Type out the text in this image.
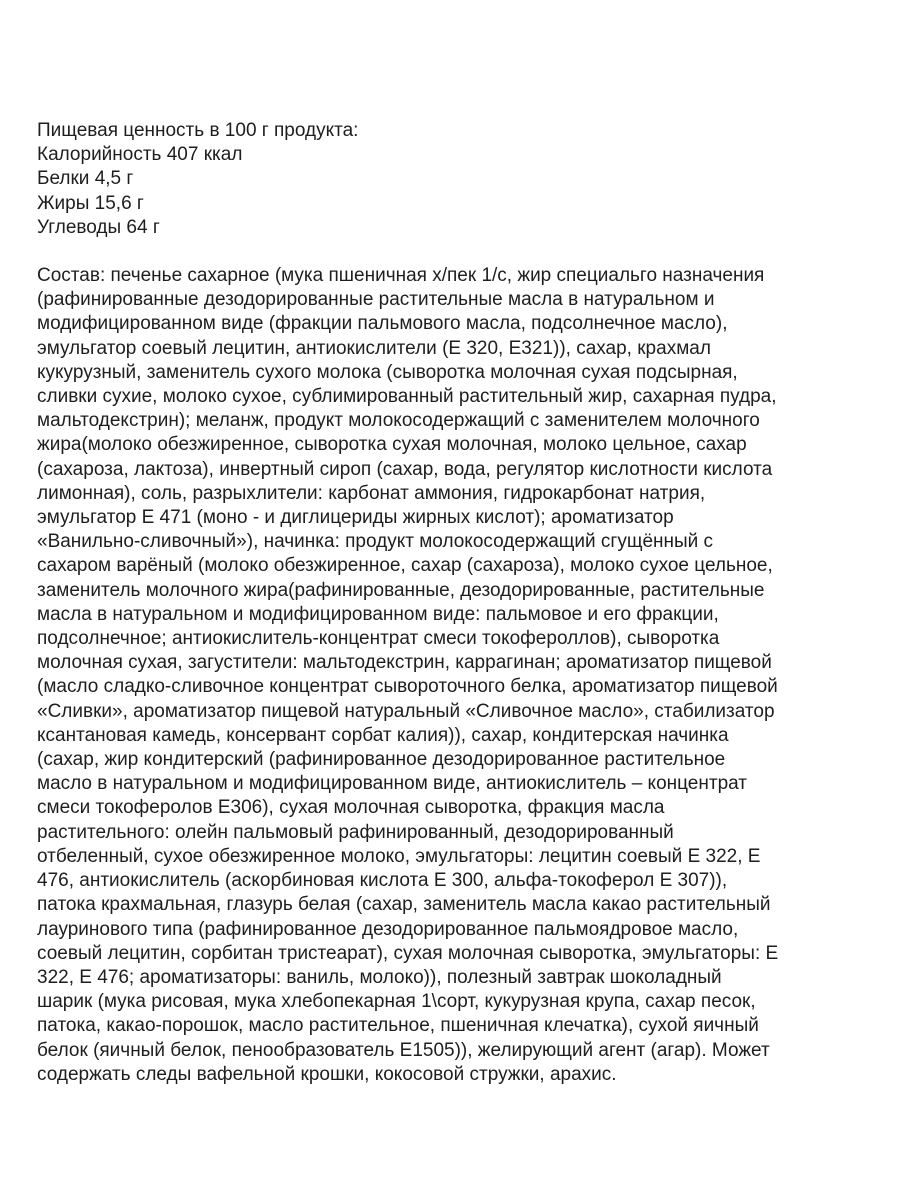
Пищевая ценность в 100 г продукта:
Калорийность 407 ккал
Белки 4,5 г
Жиры 15,6 г
Углеводы 64 г
Состав: печенье сахарное (мука пшеничная х/пек 1/с, жир специальго назначения
(рафинированные дезодорированные растительные масла в натуральном и
модифицированном виде (фракции пальмового масла, подсолнечное масло),
эмульгатор соевый лецитин, антиокислители (Е 320, Е321)), сахар, крахмал
кукурузный, заменитель сухого молока (сыворотка молочная сухая подсырная,
сливки сухие, молоко сухое, сублимированный растительный жир, сахарная пудра,
мальтодекстрин); меланж, продукт молокосодержащий с заменителем молочного
жира(молоко обезжиренное, сыворотка сухая молочная, молоко цельное, сахар
(сахароза, лактоза), инвертный сироп (сахар, вода, регулятор кислотности кислота
лимонная), соль, разрыхлители: карбонат аммония, гидрокарбонат натрия,
эмульгатор Е 471 (моно - и диглицериды жирных кислот); ароматизатор
«Ванильно-сливочный»), начинка: продукт молокосодержащий сгущённый с
сахаром варёный (молоко обезжиренное, сахар (сахароза), молоко сухое цельное,
заменитель молочного жира(рафинированные, дезодорированные, растительные
масла в натуральном и модифицированном виде: пальмовое и его фракции,
подсолнечное; антиокислитель-концентрат смеси токофероллов), сыворотка
молочная сухая, загустители: мальтодекстрин, каррагинан; ароматизатор пищевой
(масло сладко-сливочное концентрат сывороточного белка, ароматизатор пищевой
«Сливки», ароматизатор пищевой натуральный «Сливочное масло», стабилизатор
ксантановая камедь, консервант сорбат калия)), сахар, кондитерская начинка
(сахар, жир кондитерский (рафинированное дезодорированное растительное
масло в натуральном и модифицированном виде, антиокислитель – концентрат
смеси токоферолов Е306), сухая молочная сыворотка, фракция масла
растительного: олейн пальмовый рафинированный, дезодорированный
отбеленный, сухое обезжиренное молоко, эмульгаторы: лецитин соевый Е 322, Е
476, антиокислитель (аскорбиновая кислота Е 300, альфа-токоферол Е 307)),
патока крахмальная, глазурь белая (сахар, заменитель масла какао растительный
лауринового типа (рафинированное дезодорированное пальмоядровое масло,
соевый лецитин, сорбитан тристеарат), сухая молочная сыворотка, эмульгаторы: Е
322, Е 476; ароматизаторы: ваниль, молоко)), полезный завтрак шоколадный
шарик (мука рисовая, мука хлебопекарная 1\сорт, кукурузная крупа, сахар песок,
патока, какао-порошок, масло растительное, пшеничная клечатка), сухой яичный
белок (яичный белок, пенообразователь Е1505)), желирующий агент (агар). Может
содержать следы вафельной крошки, кокосовой стружки, арахис.
